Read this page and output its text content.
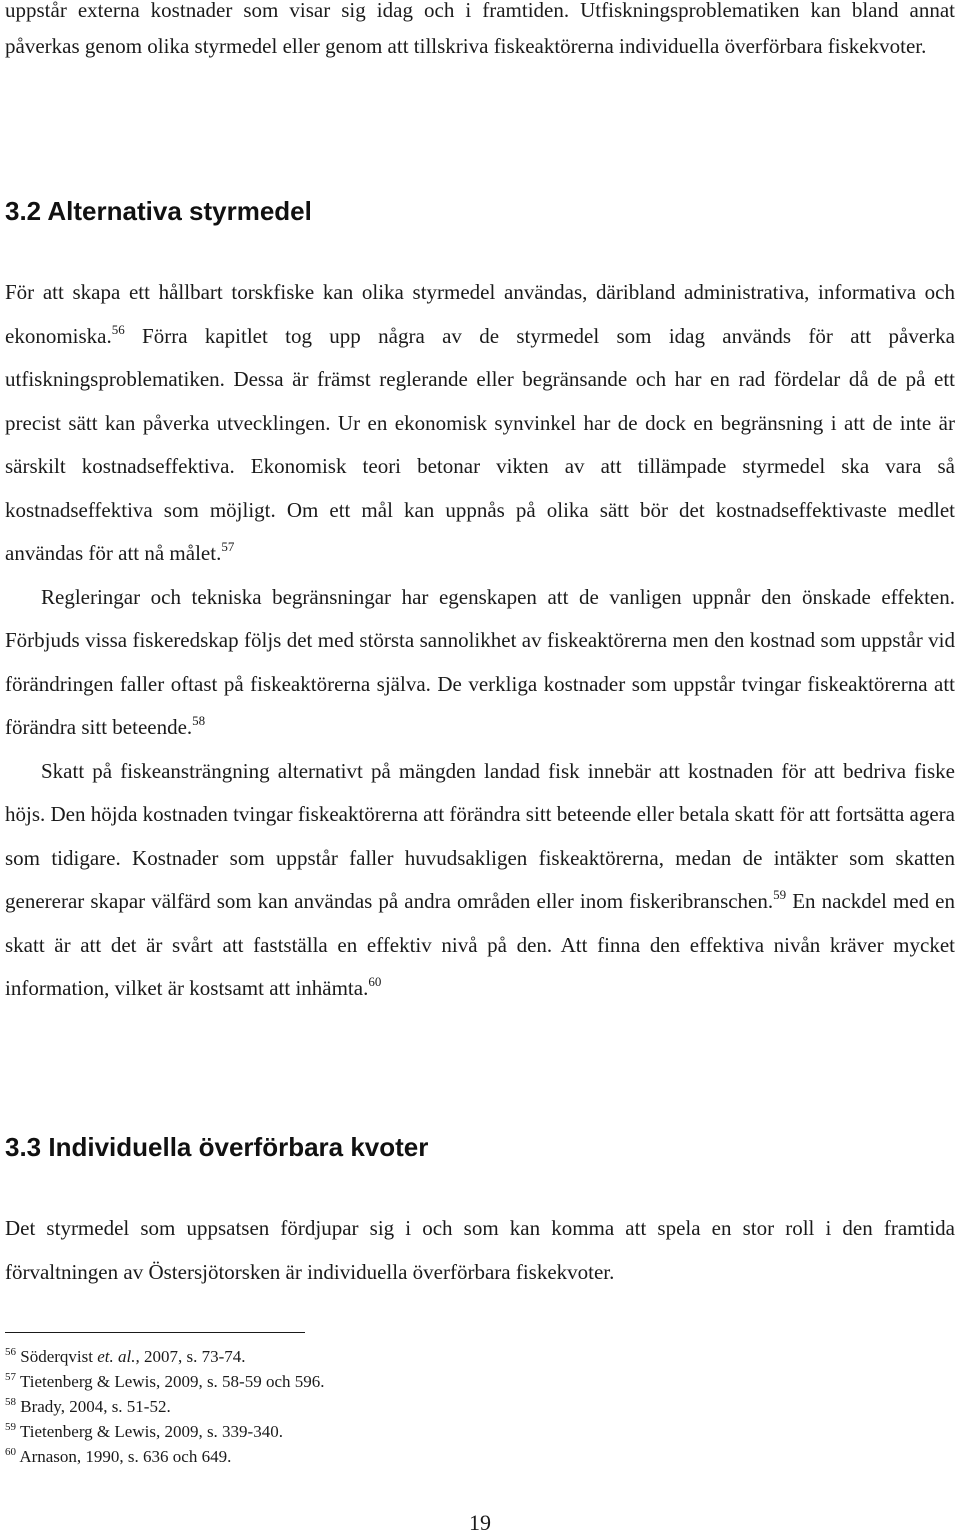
uppstår externa kostnader som visar sig idag och i framtiden. Utfiskningsproblematiken kan bland annat påverkas genom olika styrmedel eller genom att tillskriva fiskeaktörerna individuella överförbara fiskekvoter.

3.2 Alternativa styrmedel

För att skapa ett hållbart torskfiske kan olika styrmedel användas, däribland administrativa, informativa och ekonomiska.$^{56}$ Förra kapitlet tog upp några av de styrmedel som idag används för att påverka utfiskningsproblematiken. Dessa är främst reglerande eller begränsande och har en rad fördelar då de på ett precist sätt kan påverka utvecklingen. Ur en ekonomisk synvinkel har de dock en begränsning i att de inte är särskilt kostnadseffektiva. Ekonomisk teori betonar vikten av att tillämpade styrmedel ska vara så kostnadseffektiva som möjligt. Om ett mål kan uppnås på olika sätt bör det kostnadseffektivaste medlet användas för att nå målet.$^{57}$

Regleringar och tekniska begränsningar har egenskapen att de vanligen uppnår den önskade effekten. Förbjuds vissa fiskeredskap följs det med största sannolikhet av fiskeaktörerna men den kostnad som uppstår vid förändringen faller oftast på fiskeaktörerna själva. De verkliga kostnader som uppstår tvingar fiskeaktörerna att förändra sitt beteende.$^{58}$

Skatt på fiskeansträngning alternativt på mängden landad fisk innebär att kostnaden för att bedriva fiske höjs. Den höjda kostnaden tvingar fiskeaktörerna att förändra sitt beteende eller betala skatt för att fortsätta agera som tidigare. Kostnader som uppstår faller huvudsakligen fiskeaktörerna, medan de intäkter som skatten genererar skapar välfärd som kan användas på andra områden eller inom fiskeribranschen.$^{59}$ En nackdel med en skatt är att det är svårt att fastställa en effektiv nivå på den. Att finna den effektiva nivån kräver mycket information, vilket är kostsamt att inhämta.$^{60}$

3.3 Individuella överförbara kvoter

Det styrmedel som uppsatsen fördjupar sig i och som kan komma att spela en stor roll i den framtida förvaltningen av Östersjötorsken är individuella överförbara fiskekvoter.

$^{56}$ Söderqvist et. al., 2007, s. 73-74.
$^{57}$ Tietenberg & Lewis, 2009, s. 58-59 och 596.
$^{58}$ Brady, 2004, s. 51-52.
$^{59}$ Tietenberg & Lewis, 2009, s. 339-340.
$^{60}$ Arnason, 1990, s. 636 och 649.
19
